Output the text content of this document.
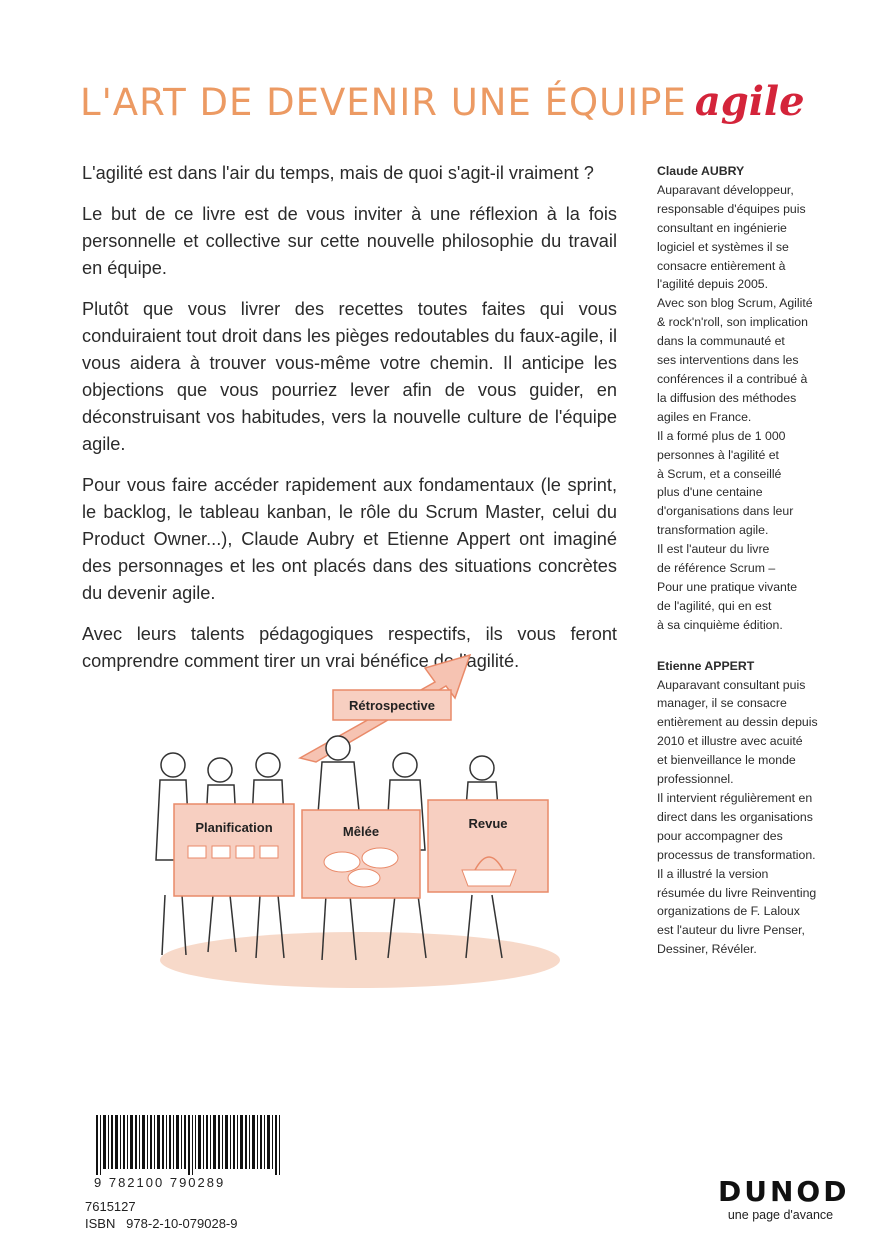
L'ART DE DEVENIR UNE ÉQUIPE agile

L'agilité est dans l'air du temps, mais de quoi s'agit-il vraiment ?

Le but de ce livre est de vous inviter à une réflexion à la fois personnelle et collective sur cette nouvelle philosophie du travail en équipe.

Plutôt que vous livrer des recettes toutes faites qui vous conduiraient tout droit dans les pièges redoutables du faux-agile, il vous aidera à trouver vous-même votre chemin. Il anticipe les objections que vous pourriez lever afin de vous guider, en déconstruisant vos habitudes, vers la nouvelle culture de l'équipe agile.

Pour vous faire accéder rapidement aux fondamentaux (le sprint, le backlog, le tableau kanban, le rôle du Scrum Master, celui du Product Owner...), Claude Aubry et Etienne Appert ont imaginé des personnages et les ont placés dans des situations concrètes du devenir agile.

Avec leurs talents pédagogiques respectifs, ils vous feront comprendre comment tirer un vrai bénéfice de l'agilité.

Claude AUBRY
Auparavant développeur,
responsable d'équipes puis
consultant en ingénierie
logiciel et systèmes il se
consacre entièrement à
l'agilité depuis 2005.
Avec son blog Scrum, Agilité
& rock'n'roll, son implication
dans la communauté et
ses interventions dans les
conférences il a contribué à
la diffusion des méthodes
agiles en France.
Il a formé plus de 1 000
personnes à l'agilité et
à Scrum, et a conseillé
plus d'une centaine
d'organisations dans leur
transformation agile.
Il est l'auteur du livre
de référence Scrum –
Pour une pratique vivante
de l'agilité, qui en est
à sa cinquième édition.
Etienne APPERT
Auparavant consultant puis
manager, il se consacre
entièrement au dessin depuis
2010 et illustre avec acuité
et bienveillance le monde
professionnel.
Il intervient régulièrement en
direct dans les organisations
pour accompagner des
processus de transformation.
Il a illustré la version
résumée du livre Reinventing
organizations de F. Laloux
est l'auteur du livre Penser,
Dessiner, Révéler.
Rétrospective
Planification	Mêlée
Revue
9 782100 790289
7615127
ISBN   978-2-10-079028-9
DUNOD
une page d'avance
